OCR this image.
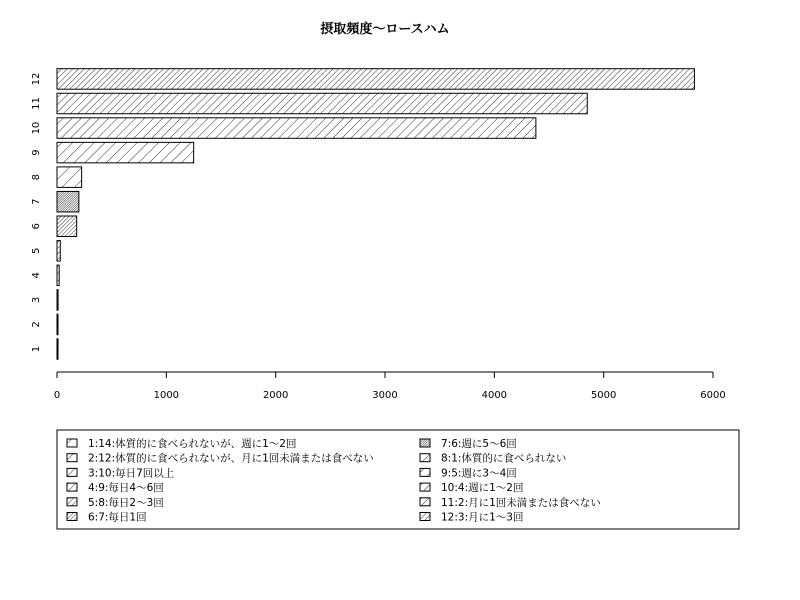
摂取頻度〜ロースハム
1
2
3
4
5
6
7
8
9
10
11
12
0	1000	2000	3000	4000	5000	6000
1:14:体質的に食べられないが、週に1〜2回
2:12:体質的に食べられないが、月に1回未満または食べない
3:10:毎日7回以上
4:9:毎日4〜6回
5:8:毎日2〜3回
6:7:毎日1回
7:6:週に5〜6回
8:1:体質的に食べられない
9:5:週に3〜4回
10:4:週に1〜2回
11:2:月に1回未満または食べない
12:3:月に1〜3回
